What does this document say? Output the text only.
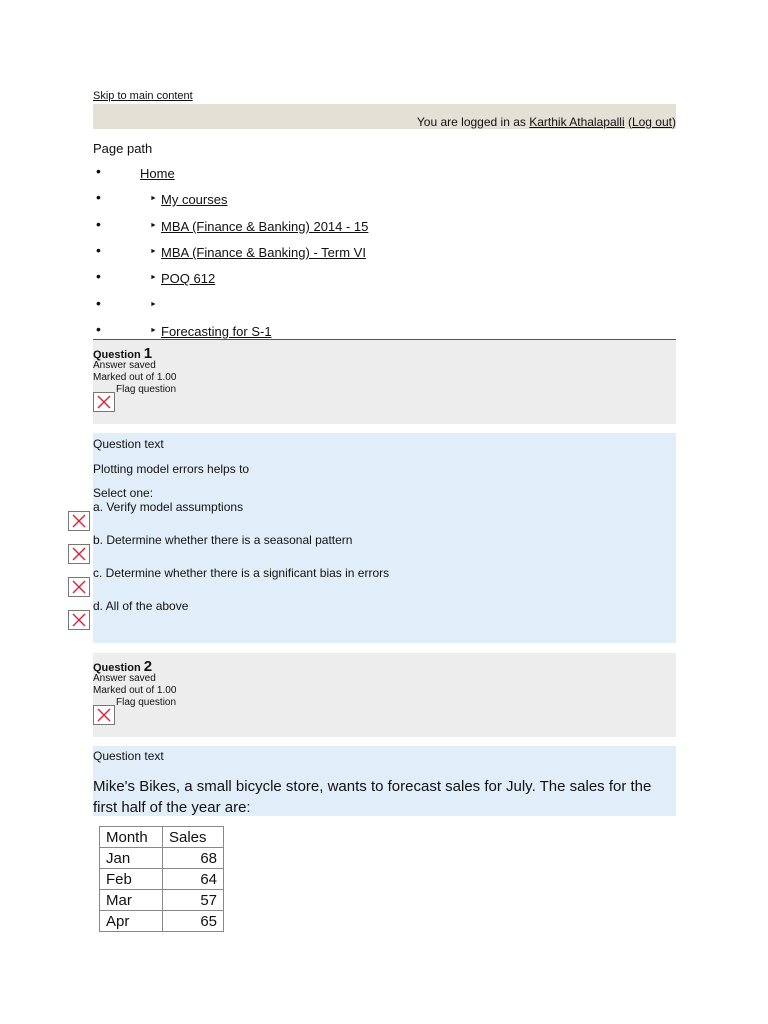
Skip to main content
You are logged in as Karthik Athalapalli (Log out)
Page path
•	Home
•	► My courses
•	► MBA (Finance & Banking) 2014 - 15
•	► MBA (Finance & Banking) - Term VI
•	► POQ 612
•	►
•	► Forecasting for S-1
Question 1
Answer saved
Marked out of 1.00
Flag question
Question text
Plotting model errors helps to
Select one:
a. Verify model assumptions
b. Determine whether there is a seasonal pattern
c. Determine whether there is a significant bias in errors
d. All of the above
Question 2
Answer saved
Marked out of 1.00
Flag question
Question text
Mike's Bikes, a small bicycle store, wants to forecast sales for July. The sales for the first half of the year are:
Month	Sales
Jan	68
Feb	64
Mar	57
Apr	65
